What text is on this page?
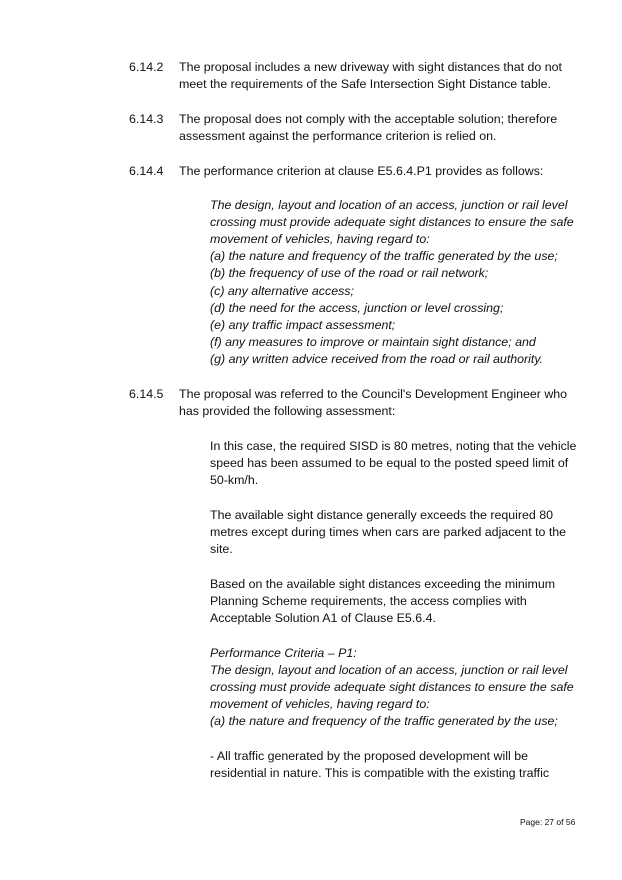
6.14.2 The proposal includes a new driveway with sight distances that do not
meet the requirements of the Safe Intersection Sight Distance table.
6.14.3 The proposal does not comply with the acceptable solution; therefore
assessment against the performance criterion is relied on.
6.14.4 The performance criterion at clause E5.6.4.P1 provides as follows:
The design, layout and location of an access, junction or rail level
crossing must provide adequate sight distances to ensure the safe
movement of vehicles, having regard to:
(a) the nature and frequency of the traffic generated by the use;
(b) the frequency of use of the road or rail network;
(c) any alternative access;
(d) the need for the access, junction or level crossing;
(e) any traffic impact assessment;
(f) any measures to improve or maintain sight distance; and
(g) any written advice received from the road or rail authority.
6.14.5 The proposal was referred to the Council's Development Engineer who
has provided the following assessment:
In this case, the required SISD is 80 metres, noting that the vehicle
speed has been assumed to be equal to the posted speed limit of
50-km/h.
The available sight distance generally exceeds the required 80
metres except during times when cars are parked adjacent to the
site.
Based on the available sight distances exceeding the minimum
Planning Scheme requirements, the access complies with
Acceptable Solution A1 of Clause E5.6.4.
Performance Criteria – P1:
The design, layout and location of an access, junction or rail level
crossing must provide adequate sight distances to ensure the safe
movement of vehicles, having regard to:
(a) the nature and frequency of the traffic generated by the use;
- All traffic generated by the proposed development will be
residential in nature. This is compatible with the existing traffic
Page: 27 of 56
